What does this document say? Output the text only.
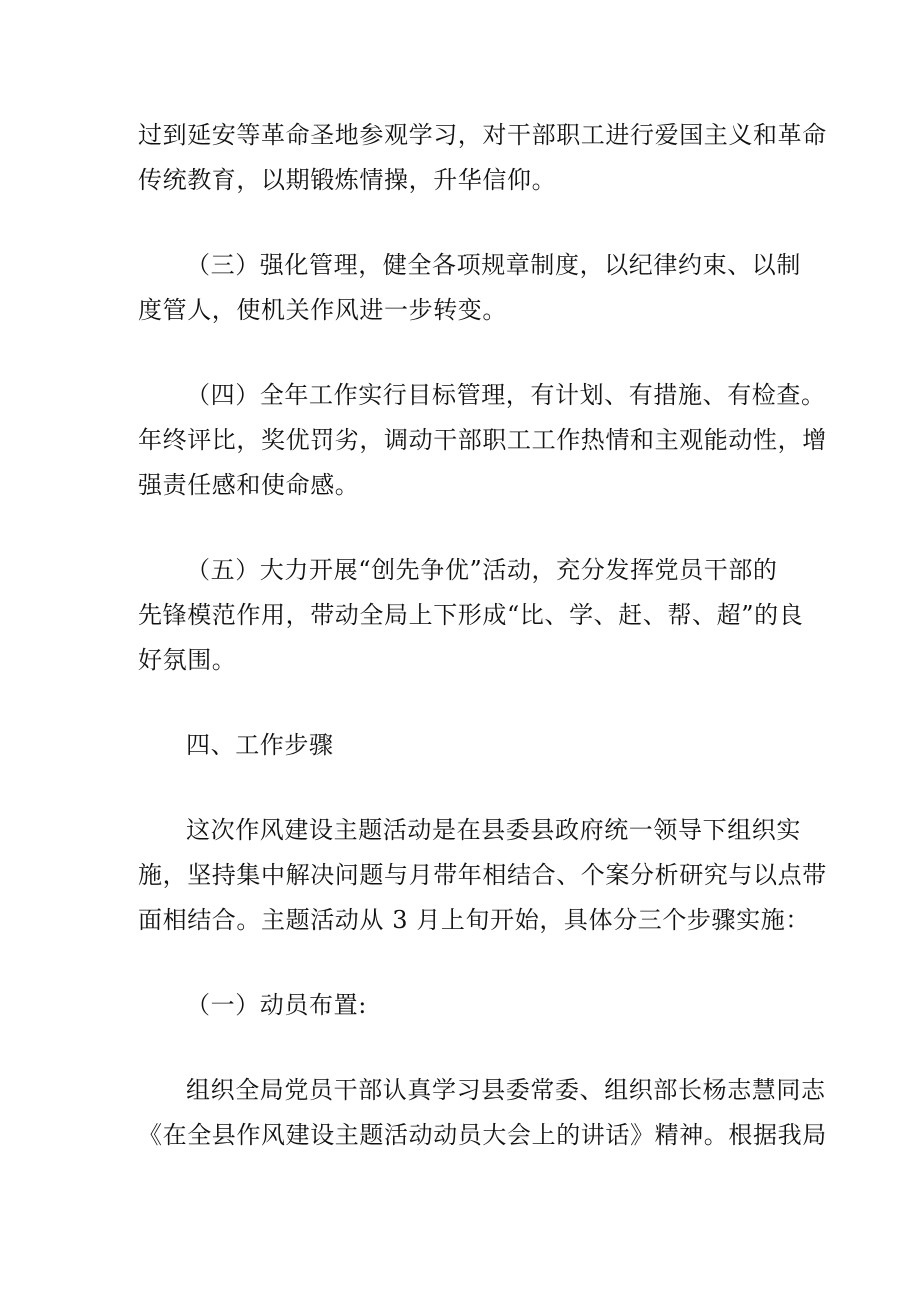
过到延安等革命圣地参观学习，对干部职工进行爱国主义和革命
传统教育，以期锻炼情操，升华信仰。
（三）强化管理，健全各项规章制度，以纪律约束、以制
度管人，使机关作风进一步转变。
（四）全年工作实行目标管理，有计划、有措施、有检查。
年终评比，奖优罚劣，调动干部职工工作热情和主观能动性，增
强责任感和使命感。
（五）大力开展“创先争优”活动，充分发挥党员干部的
先锋模范作用，带动全局上下形成“比、学、赶、帮、超”的良
好氛围。
四、工作步骤
这次作风建设主题活动是在县委县政府统一领导下组织实
施，坚持集中解决问题与月带年相结合、个案分析研究与以点带
面相结合。主题活动从 3 月上旬开始，具体分三个步骤实施：
（一）动员布置:
组织全局党员干部认真学习县委常委、组织部长杨志慧同志
《在全县作风建设主题活动动员大会上的讲话》精神。根据我局
